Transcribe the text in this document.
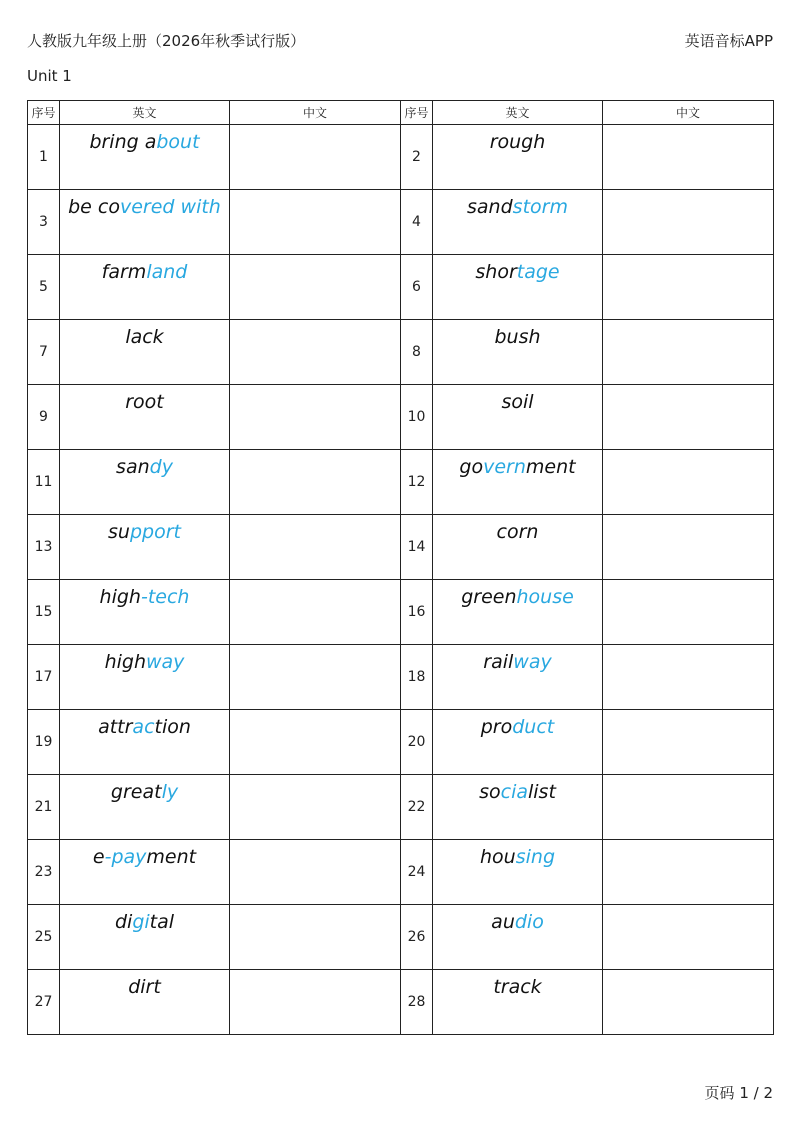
人教版九年级上册（2026年秋季试行版）	英语音标APP
Unit 1
序号	英文	中文	序号	英文	中文
1	bring about		2	rough	

3	be covered with		4	sandstorm	

5	farmland		6	shortage	

7	lack		8	bush	

9	root		10	soil	

11	sandy		12	government	

13	support		14	corn	

15	high-tech		16	greenhouse	

17	highway		18	railway	

19	attraction		20	product	

21	greatly		22	socialist	

23	e-payment		24	housing	

25	digital		26	audio	

27	dirt		28	track	

页码 1 / 2
